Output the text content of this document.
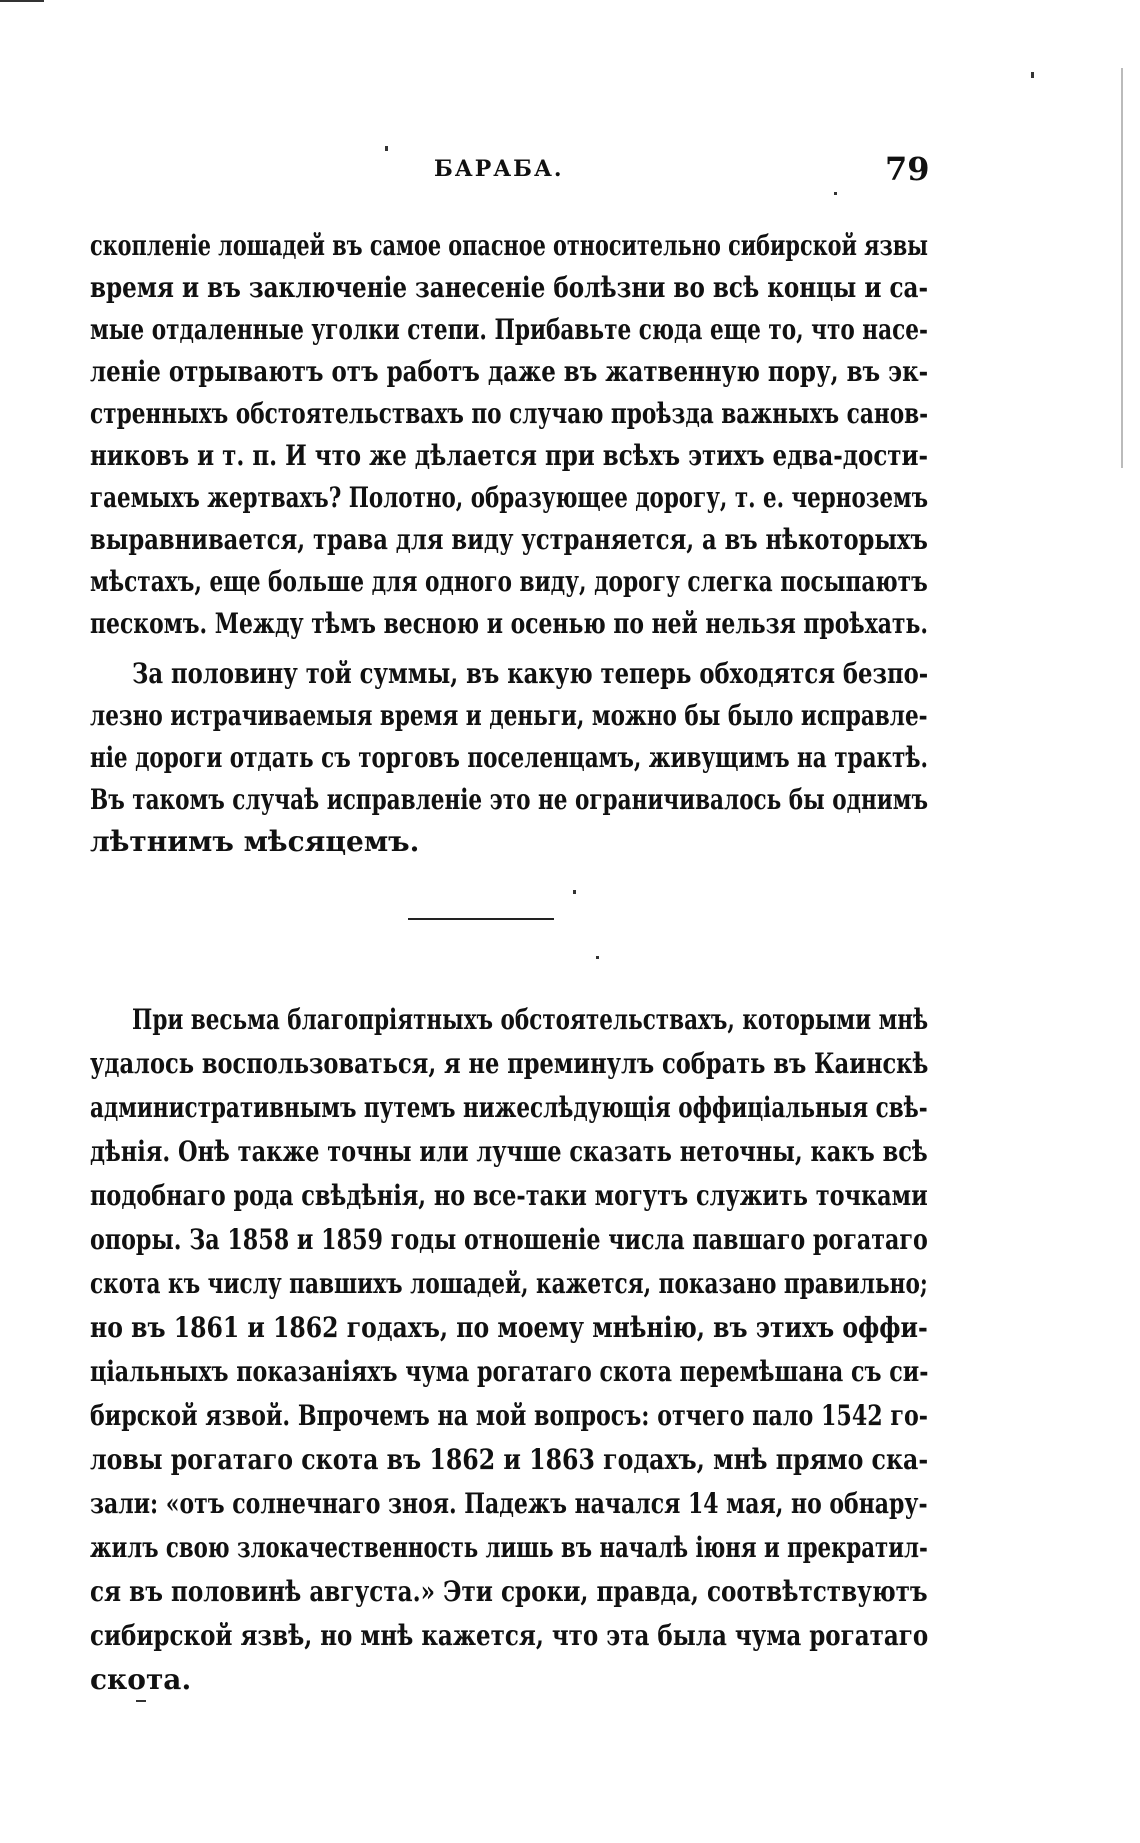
БАРАБА.	79
скопленіе лошадей въ самое опасное относительно сибирской язвы
время и въ заключеніе занесеніе болѣзни во всѣ концы и са-
мые отдаленные уголки степи. Прибавьте сюда еще то, что насе-
леніе отрываютъ отъ работъ даже въ жатвенную пору, въ эк-
стренныхъ обстоятельствахъ по случаю проѣзда важныхъ санов-
никовъ и т. п. И что же дѣлается при всѣхъ этихъ едва-дости-
гаемыхъ жертвахъ? Полотно, образующее дорогу, т. е. черноземъ
выравнивается, трава для виду устраняется, а въ нѣкоторыхъ
мѣстахъ, еще больше для одного виду, дорогу слегка посыпаютъ
пескомъ. Между тѣмъ весною и осенью по ней нельзя проѣхать.
За половину той суммы, въ какую теперь обходятся безпо-
лезно истрачиваемыя время и деньги, можно бы было исправле-
ніе дороги отдать съ торговъ поселенцамъ, живущимъ на трактѣ.
Въ такомъ случаѣ исправленіе это не ограничивалось бы однимъ
лѣтнимъ мѣсяцемъ.
При весьма благопріятныхъ обстоятельствахъ, которыми мнѣ
удалось воспользоваться, я не преминулъ собрать въ Каинскѣ
административнымъ путемъ нижеслѣдующія оффиціальныя свѣ-
дѣнія. Онѣ также точны или лучше сказать неточны, какъ всѣ
подобнаго рода свѣдѣнія, но все-таки могутъ служить точками
опоры. За 1858 и 1859 годы отношеніе числа павшаго рогатаго
скота къ числу павшихъ лошадей, кажется, показано правильно;
но въ 1861 и 1862 годахъ, по моему мнѣнію, въ этихъ оффи-
ціальныхъ показаніяхъ чума рогатаго скота перемѣшана съ си-
бирской язвой. Впрочемъ на мой вопросъ: отчего пало 1542 го-
ловы рогатаго скота въ 1862 и 1863 годахъ, мнѣ прямо ска-
зали: «отъ солнечнаго зноя. Падежъ начался 14 мая, но обнару-
жилъ свою злокачественность лишь въ началѣ іюня и прекратил-
ся въ половинѣ августа.» Эти сроки, правда, соотвѣтствуютъ
сибирской язвѣ, но мнѣ кажется, что эта была чума рогатаго
скота.
